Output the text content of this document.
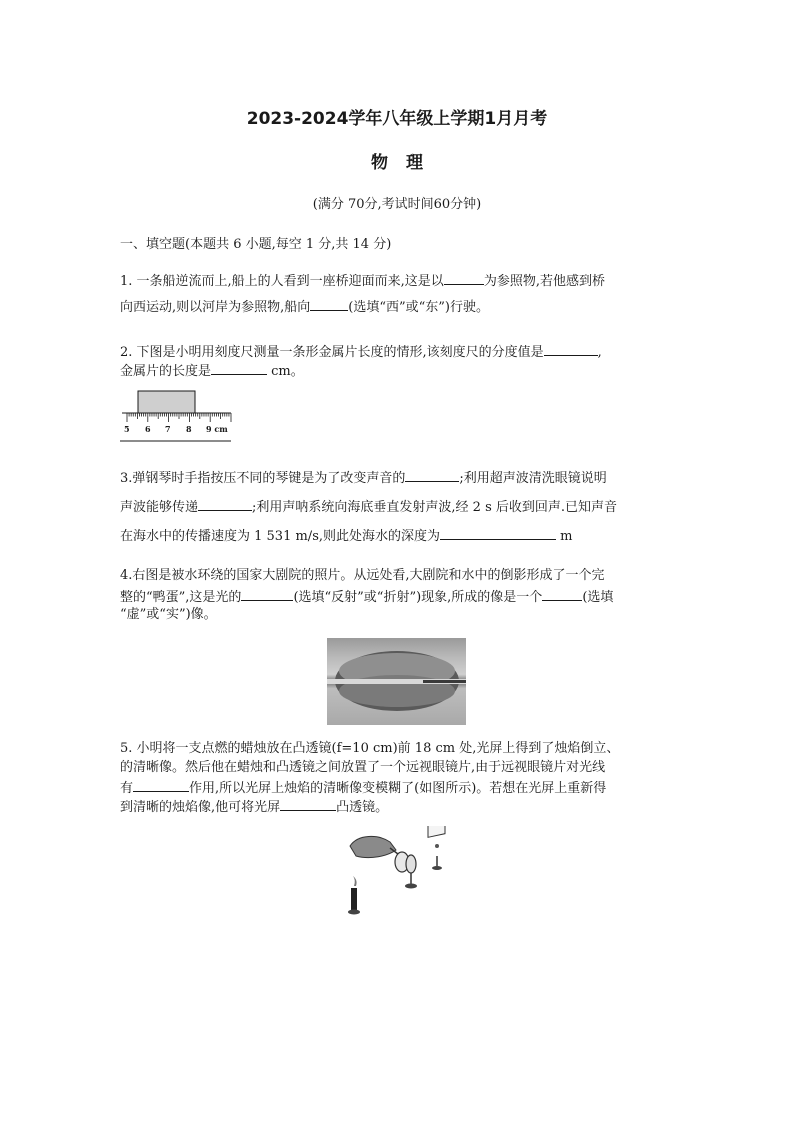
2023-2024学年八年级上学期1月月考
物理
(满分 70分,考试时间60分钟)
一、填空题(本题共 6 小题,每空 1 分,共 14 分)
1. 一条船逆流而上,船上的人看到一座桥迎面而来,这是以	为参照物,若他感到桥
向西运动,则以河岸为参照物,船向	(选填“西”或“东”)行驶。
2. 下图是小明用刻度尺测量一条形金属片长度的情形,该刻度尺的分度值是	,
金属片的长度是	cm。
5 6 7 8 9 cm
3.弹钢琴时手指按压不同的琴键是为了改变声音的	;利用超声波清洗眼镜说明
声波能够传递	;利用声呐系统向海底垂直发射声波,经 2 s 后收到回声.已知声音
在海水中的传播速度为 1 531 m/s,则此处海水的深度为	m
4.右图是被水环绕的国家大剧院的照片。从远处看,大剧院和水中的倒影形成了一个完
整的“鸭蛋”,这是光的	(选填“反射”或“折射”)现象,所成的像是一个	(选填
“虚”或“实”)像。
5. 小明将一支点燃的蜡烛放在凸透镜(f=10 cm)前 18 cm 处,光屏上得到了烛焰倒立、
的清晰像。然后他在蜡烛和凸透镜之间放置了一个远视眼镜片,由于远视眼镜片对光线
有	作用,所以光屏上烛焰的清晰像变模糊了(如图所示)。若想在光屏上重新得
到清晰的烛焰像,他可将光屏	凸透镜。
